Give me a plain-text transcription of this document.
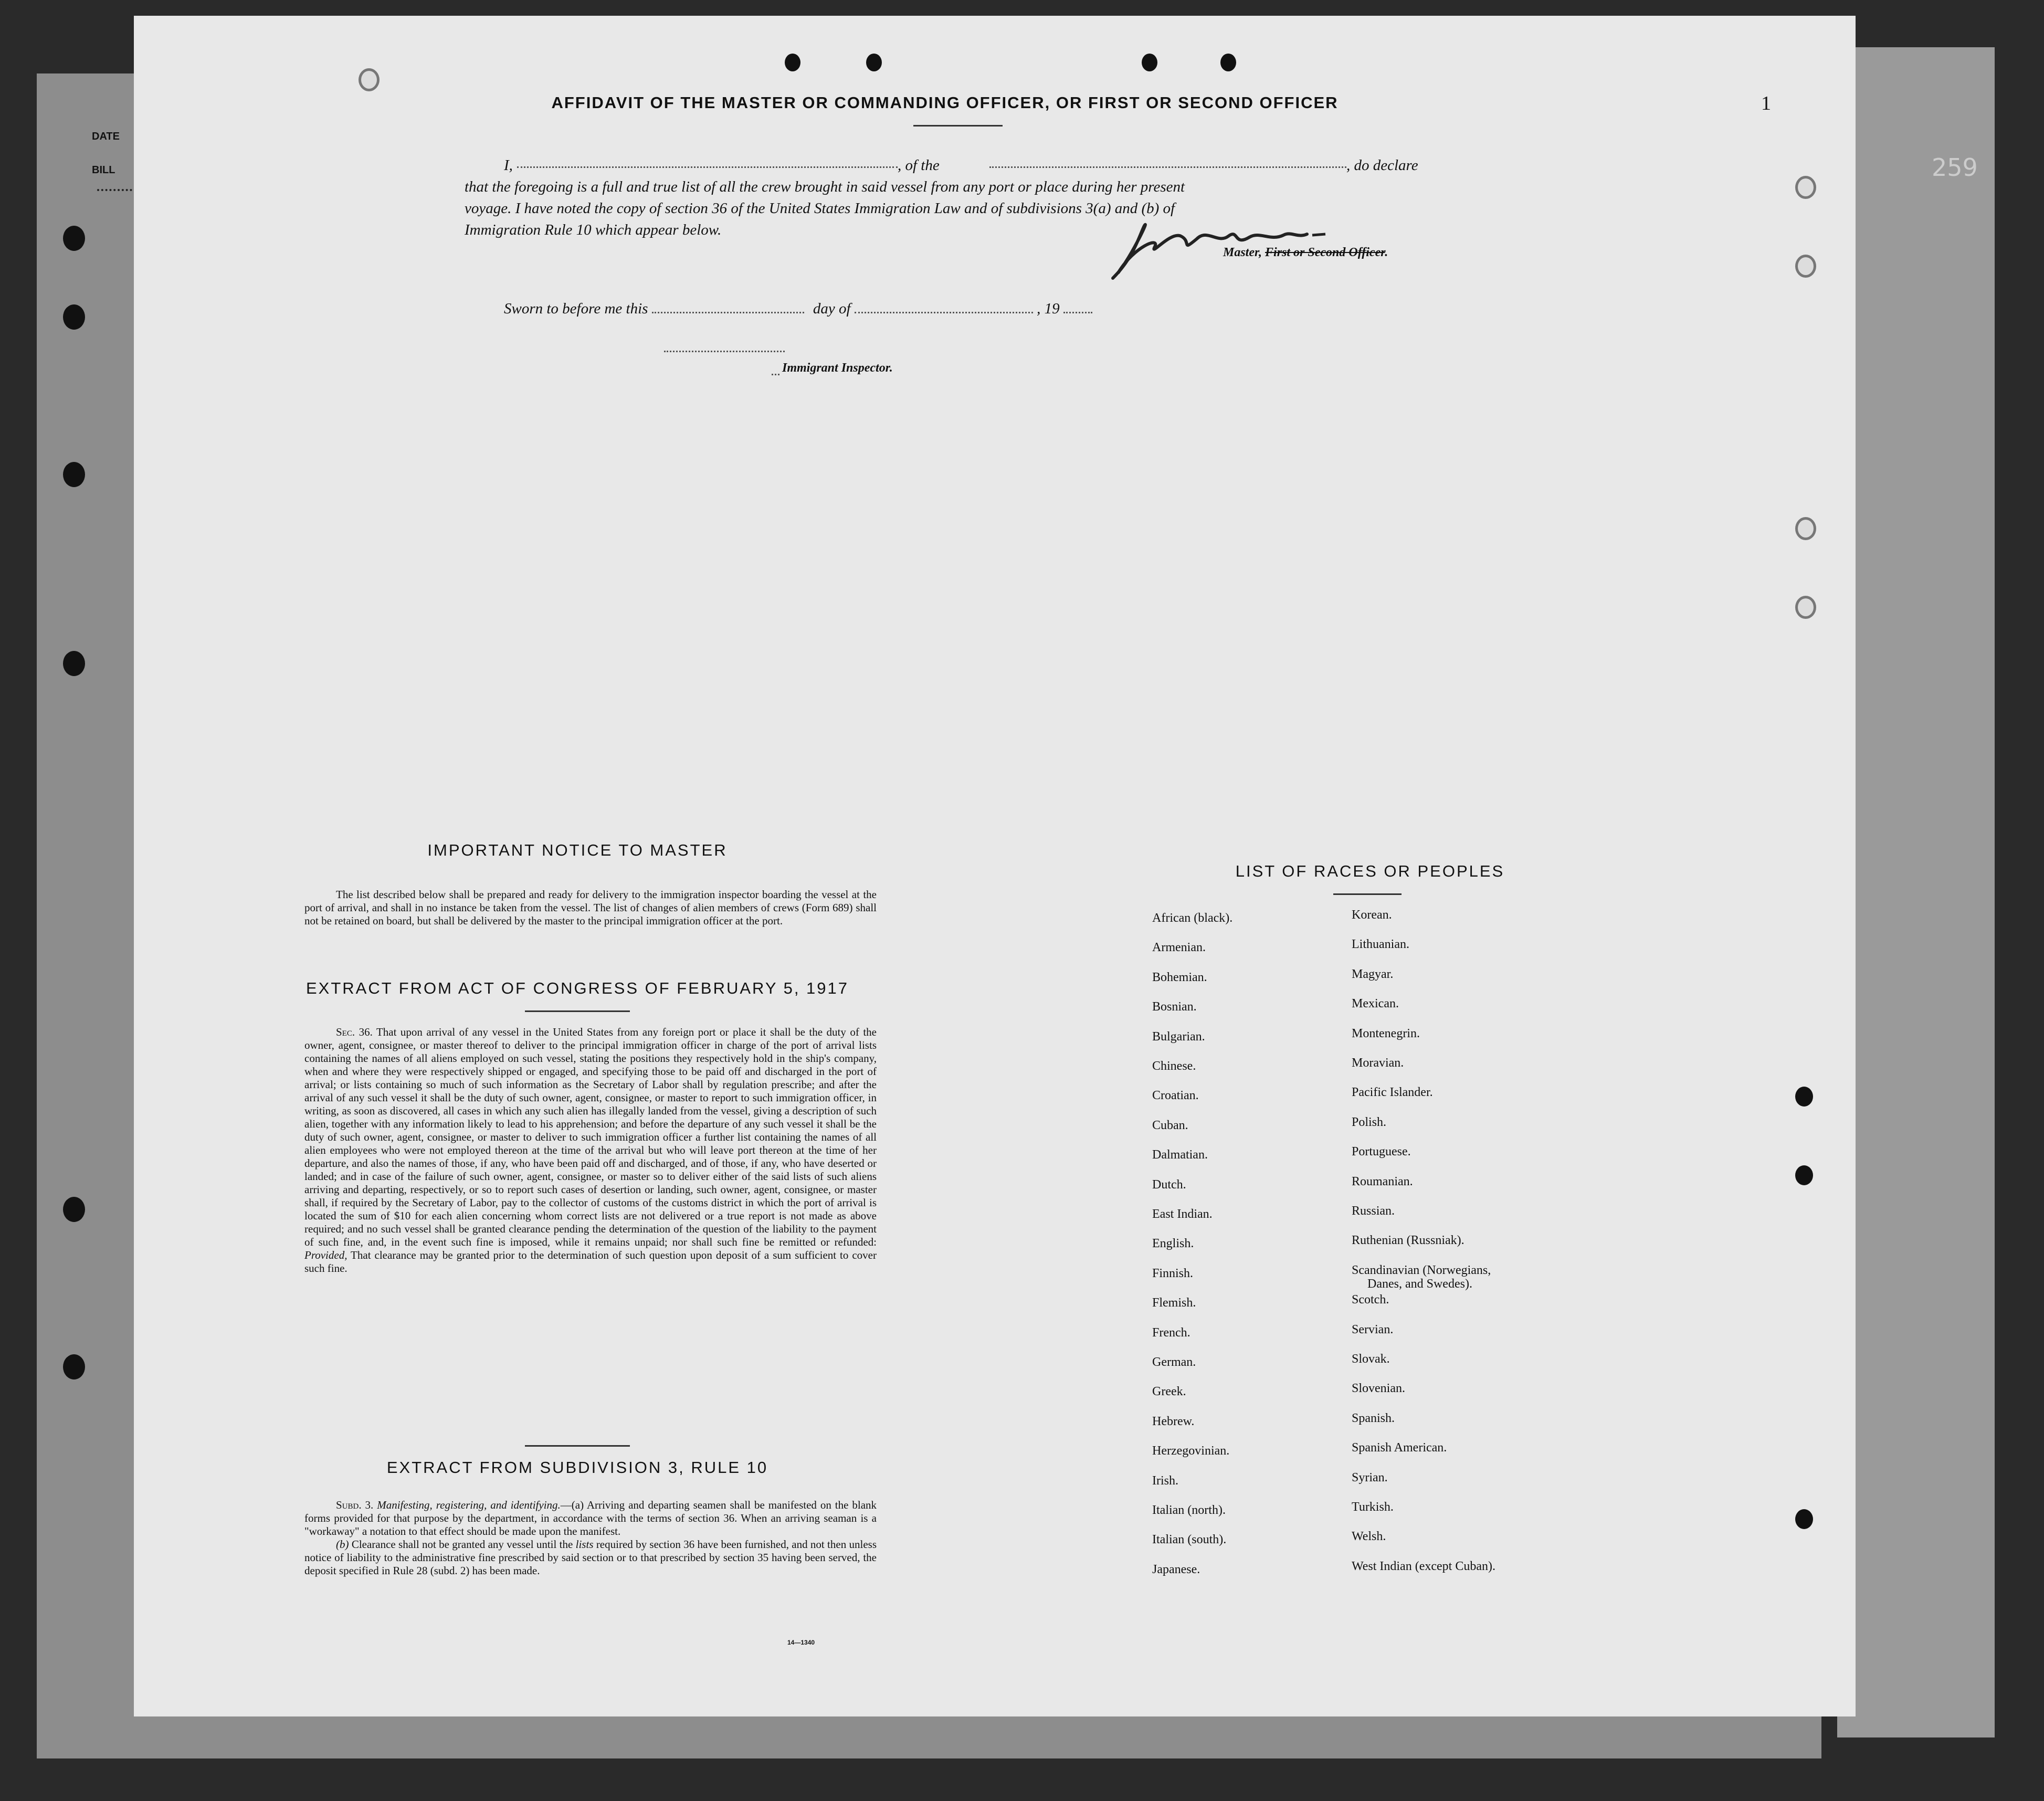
DATE
BILL	259
1
AFFIDAVIT OF THE MASTER OR COMMANDING OFFICER, OR FIRST OR SECOND OFFICER
I,	, of the	, do declare
that the foregoing is a full and true list of all the crew brought in said vessel from any port or place during her present
voyage. I have noted the copy of section 36 of the United States Immigration Law and of subdivisions 3(a) and (b) of
Immigration Rule 10 which appear below.
Master, First or Second Officer.
Sworn to before me this	day of	, 19
Immigrant Inspector.
IMPORTANT NOTICE TO MASTER

The list described below shall be prepared and ready for delivery to the immigration inspector boarding the vessel at the port of arrival, and shall in no instance be taken from the vessel. The list of changes of alien members of crews (Form 689) shall not be retained on board, but shall be delivered by the master to the principal immigration officer at the port.

EXTRACT FROM ACT OF CONGRESS OF FEBRUARY 5, 1917

Sec. 36. That upon arrival of any vessel in the United States from any foreign port or place it shall be the duty of the owner, agent, consignee, or master thereof to deliver to the principal immigration officer in charge of the port of arrival lists containing the names of all aliens employed on such vessel, stating the positions they respectively hold in the ship's company, when and where they were respectively shipped or engaged, and specifying those to be paid off and discharged in the port of arrival; or lists containing so much of such information as the Secretary of Labor shall by regulation prescribe; and after the arrival of any such vessel it shall be the duty of such owner, agent, consignee, or master to report to such immigration officer, in writing, as soon as discovered, all cases in which any such alien has illegally landed from the vessel, giving a description of such alien, together with any information likely to lead to his apprehension; and before the departure of any such vessel it shall be the duty of such owner, agent, consignee, or master to deliver to such immigration officer a further list containing the names of all alien employees who were not employed thereon at the time of the arrival but who will leave port thereon at the time of her departure, and also the names of those, if any, who have been paid off and discharged, and of those, if any, who have deserted or landed; and in case of the failure of such owner, agent, consignee, or master so to deliver either of the said lists of such aliens arriving and departing, respectively, or so to report such cases of desertion or landing, such owner, agent, consignee, or master shall, if required by the Secretary of Labor, pay to the collector of customs of the customs district in which the port of arrival is located the sum of $10 for each alien concerning whom correct lists are not delivered or a true report is not made as above required; and no such vessel shall be granted clearance pending the determination of the question of the liability to the payment of such fine, and, in the event such fine is imposed, while it remains unpaid; nor shall such fine be remitted or refunded: Provided, That clearance may be granted prior to the determination of such question upon deposit of a sum sufficient to cover such fine.

EXTRACT FROM SUBDIVISION 3, RULE 10

Subd. 3. Manifesting, registering, and identifying.—(a) Arriving and departing seamen shall be manifested on the blank forms provided for that purpose by the department, in accordance with the terms of section 36. When an arriving seaman is a "workaway" a notation to that effect should be made upon the manifest.

(b) Clearance shall not be granted any vessel until the lists required by section 36 have been furnished, and not then unless notice of liability to the administrative fine prescribed by said section or to that prescribed by section 35 having been served, the deposit specified in Rule 28 (subd. 2) has been made.

14—1340
LIST OF RACES OR PEOPLES
African (black).
Armenian.
Bohemian.
Bosnian.
Bulgarian.
Chinese.
Croatian.
Cuban.
Dalmatian.
Dutch.
East Indian.
English.
Finnish.
Flemish.
French.
German.
Greek.
Hebrew.
Herzegovinian.
Irish.
Italian (north).
Italian (south).
Japanese.
Korean.
Lithuanian.
Magyar.
Mexican.
Montenegrin.
Moravian.
Pacific Islander.
Polish.
Portuguese.
Roumanian.
Russian.
Ruthenian (Russniak).
Scandinavian (Norwegians,
Danes, and Swedes).
Scotch.
Servian.
Slovak.
Slovenian.
Spanish.
Spanish American.
Syrian.
Turkish.
Welsh.
West Indian (except Cuban).
